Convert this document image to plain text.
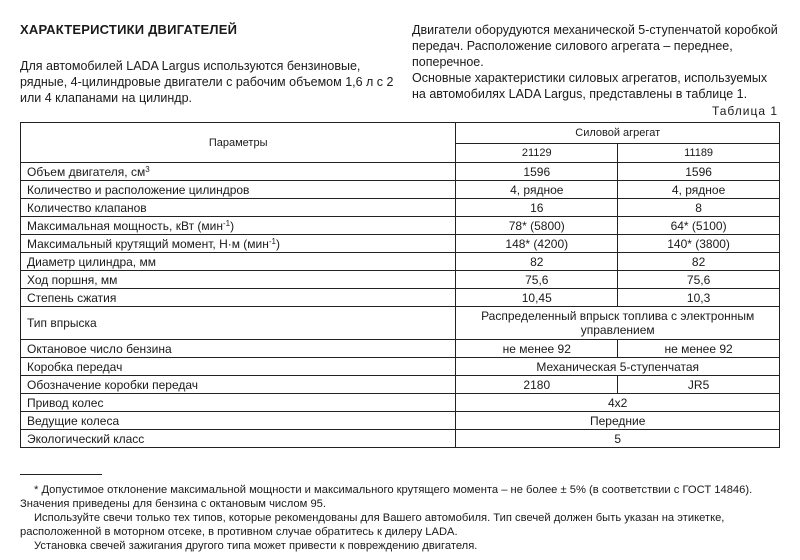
ХАРАКТЕРИСТИКИ ДВИГАТЕЛЕЙ
Для автомобилей LADA Largus используются бензиновые, рядные, 4-цилиндровые двигатели с рабочим объемом 1,6 л с 2 или 4 клапанами на цилиндр.

Двигатели оборудуются механической 5-ступенчатой коробкой передач. Расположение силового агрегата – переднее, поперечное.

Основные характеристики силовых агрегатов, используемых на автомобилях LADA Largus, представлены в таблице 1.

Таблица 1
Параметры	Силовой агрегат	
	21129	11189
Объем двигателя, $см^3$	1596	1596
Количество и расположение цилиндров	4, рядное	4, рядное
Количество клапанов	16	8
Максимальная мощность, кВт (мин$^{-1}$)	78* (5800)	64* (5100)
Максимальный крутящий момент, Н·м (мин$^{-1}$)	148* (4200)	140* (3800)
Диаметр цилиндра, мм	82	82
Ход поршня, мм	75,6	75,6
Степень сжатия	10,45	10,3
Тип впрыска	Распределенный впрыск топлива с электронным управлением	
Октановое число бензина	не менее 92	не менее 92
Коробка передач	Механическая 5-ступенчатая	
Обозначение коробки передач	2180	JR5
Привод колес	4x2	
Ведущие колеса	Передние	
Экологический класс	5	

* Допустимое отклонение максимальной мощности и максимального крутящего момента – не более ± 5% (в соответствии с ГОСТ 14846). Значения приведены для бензина с октановым числом 95.

Используйте свечи только тех типов, которые рекомендованы для Вашего автомобиля. Тип свечей должен быть указан на этикетке, расположенной в моторном отсеке, в противном случае обратитесь к дилеру LADA.

Установка свечей зажигания другого типа может привести к повреждению двигателя.
